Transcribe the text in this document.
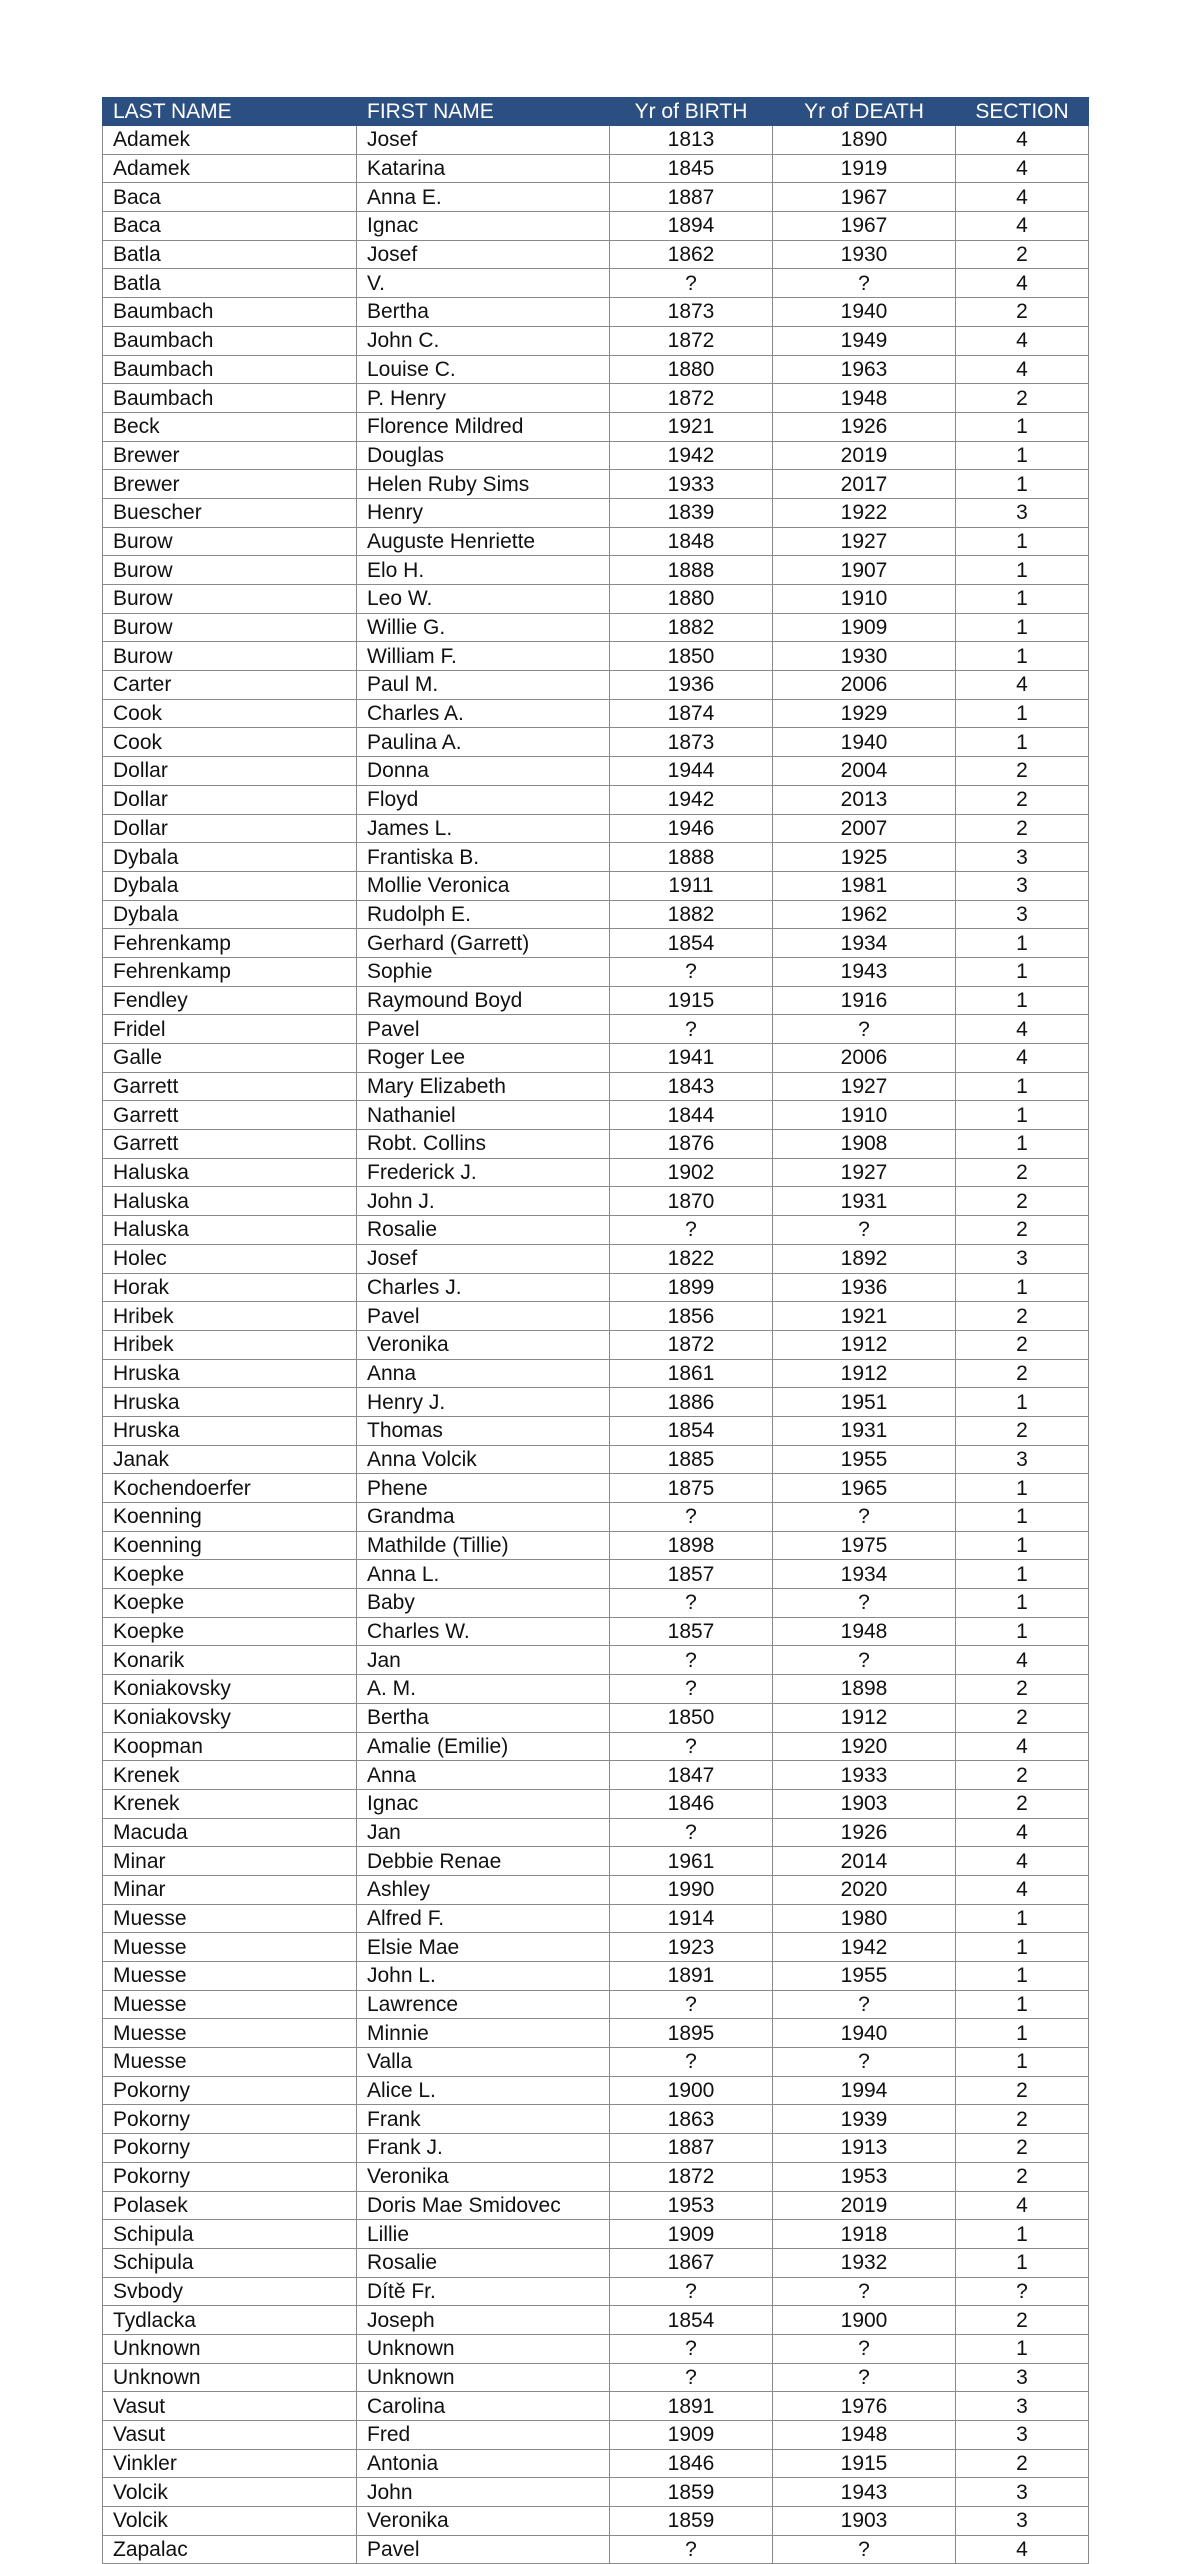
LAST NAME	FIRST NAME	Yr of BIRTH	Yr of DEATH	SECTION
Adamek	Josef	1813	1890	4
Adamek	Katarina	1845	1919	4
Baca	Anna E.	1887	1967	4
Baca	Ignac	1894	1967	4
Batla	Josef	1862	1930	2
Batla	V.	?	?	4
Baumbach	Bertha	1873	1940	2
Baumbach	John C.	1872	1949	4
Baumbach	Louise C.	1880	1963	4
Baumbach	P. Henry	1872	1948	2
Beck	Florence Mildred	1921	1926	1
Brewer	Douglas	1942	2019	1
Brewer	Helen Ruby Sims	1933	2017	1
Buescher	Henry	1839	1922	3
Burow	Auguste Henriette	1848	1927	1
Burow	Elo H.	1888	1907	1
Burow	Leo W.	1880	1910	1
Burow	Willie G.	1882	1909	1
Burow	William F.	1850	1930	1
Carter	Paul M.	1936	2006	4
Cook	Charles A.	1874	1929	1
Cook	Paulina A.	1873	1940	1
Dollar	Donna	1944	2004	2
Dollar	Floyd	1942	2013	2
Dollar	James L.	1946	2007	2
Dybala	Frantiska B.	1888	1925	3
Dybala	Mollie Veronica	1911	1981	3
Dybala	Rudolph E.	1882	1962	3
Fehrenkamp	Gerhard (Garrett)	1854	1934	1
Fehrenkamp	Sophie	?	1943	1
Fendley	Raymound Boyd	1915	1916	1
Fridel	Pavel	?	?	4
Galle	Roger Lee	1941	2006	4
Garrett	Mary Elizabeth	1843	1927	1
Garrett	Nathaniel	1844	1910	1
Garrett	Robt. Collins	1876	1908	1
Haluska	Frederick J.	1902	1927	2
Haluska	John J.	1870	1931	2
Haluska	Rosalie	?	?	2
Holec	Josef	1822	1892	3
Horak	Charles J.	1899	1936	1
Hribek	Pavel	1856	1921	2
Hribek	Veronika	1872	1912	2
Hruska	Anna	1861	1912	2
Hruska	Henry J.	1886	1951	1
Hruska	Thomas	1854	1931	2
Janak	Anna Volcik	1885	1955	3
Kochendoerfer	Phene	1875	1965	1
Koenning	Grandma	?	?	1
Koenning	Mathilde (Tillie)	1898	1975	1
Koepke	Anna L.	1857	1934	1
Koepke	Baby	?	?	1
Koepke	Charles W.	1857	1948	1
Konarik	Jan	?	?	4
Koniakovsky	A. M.	?	1898	2
Koniakovsky	Bertha	1850	1912	2
Koopman	Amalie (Emilie)	?	1920	4
Krenek	Anna	1847	1933	2
Krenek	Ignac	1846	1903	2
Macuda	Jan	?	1926	4
Minar	Debbie Renae	1961	2014	4
Minar	Ashley	1990	2020	4
Muesse	Alfred F.	1914	1980	1
Muesse	Elsie Mae	1923	1942	1
Muesse	John L.	1891	1955	1
Muesse	Lawrence	?	?	1
Muesse	Minnie	1895	1940	1
Muesse	Valla	?	?	1
Pokorny	Alice L.	1900	1994	2
Pokorny	Frank	1863	1939	2
Pokorny	Frank J.	1887	1913	2
Pokorny	Veronika	1872	1953	2
Polasek	Doris Mae Smidovec	1953	2019	4
Schipula	Lillie	1909	1918	1
Schipula	Rosalie	1867	1932	1
Svbody	Dítě Fr.	?	?	?
Tydlacka	Joseph	1854	1900	2
Unknown	Unknown	?	?	1
Unknown	Unknown	?	?	3
Vasut	Carolina	1891	1976	3
Vasut	Fred	1909	1948	3
Vinkler	Antonia	1846	1915	2
Volcik	John	1859	1943	3
Volcik	Veronika	1859	1903	3
Zapalac	Pavel	?	?	4
